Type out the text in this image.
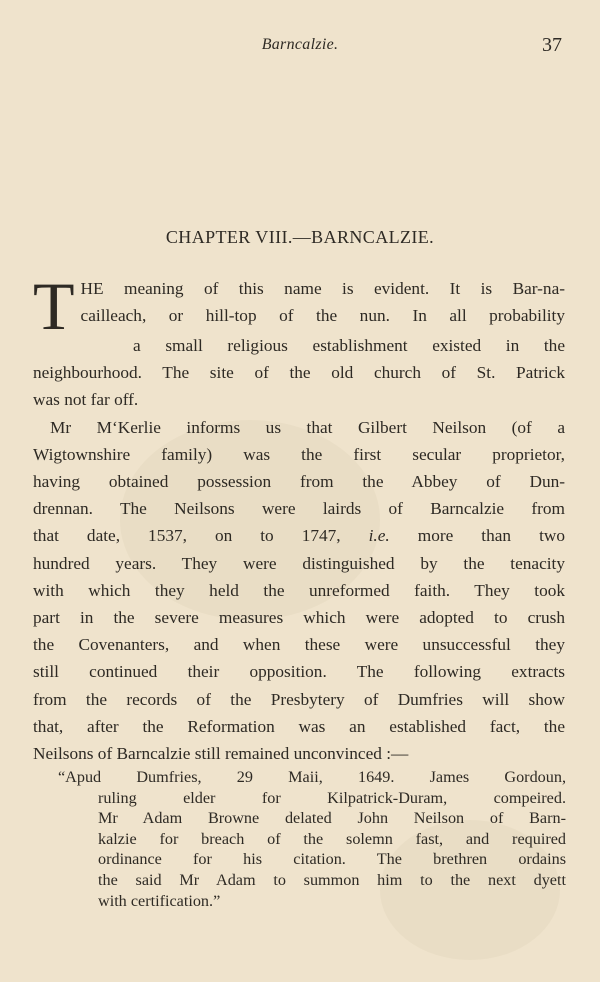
Barncalzie.	37
CHAPTER VIII.—BARNCALZIE.

T HE meaning of this name is evident. It is Bar-na-
cailleach, or hill-top of the nun. In all probability
a small religious establishment existed in the
neighbourhood. The site of the old church of St. Patrick
was not far off.

Mr M‘Kerlie informs us that Gilbert Neilson (of a
Wigtownshire family) was the first secular proprietor,
having obtained possession from the Abbey of Dun-
drennan. The Neilsons were lairds of Barncalzie from
that date, 1537, on to 1747, i.e. more than two
hundred years. They were distinguished by the tenacity
with which they held the unreformed faith. They took
part in the severe measures which were adopted to crush
the Covenanters, and when these were unsuccessful they
still continued their opposition. The following extracts
from the records of the Presbytery of Dumfries will show
that, after the Reformation was an established fact, the
Neilsons of Barncalzie still remained unconvinced :—

“Apud Dumfries, 29 Maii, 1649. James Gordoun,
ruling elder for Kilpatrick-Duram, compeired.
Mr Adam Browne delated John Neilson of Barn-
kalzie for breach of the solemn fast, and required
ordinance for his citation. The brethren ordains
the said Mr Adam to summon him to the next dyett
with certification.”
